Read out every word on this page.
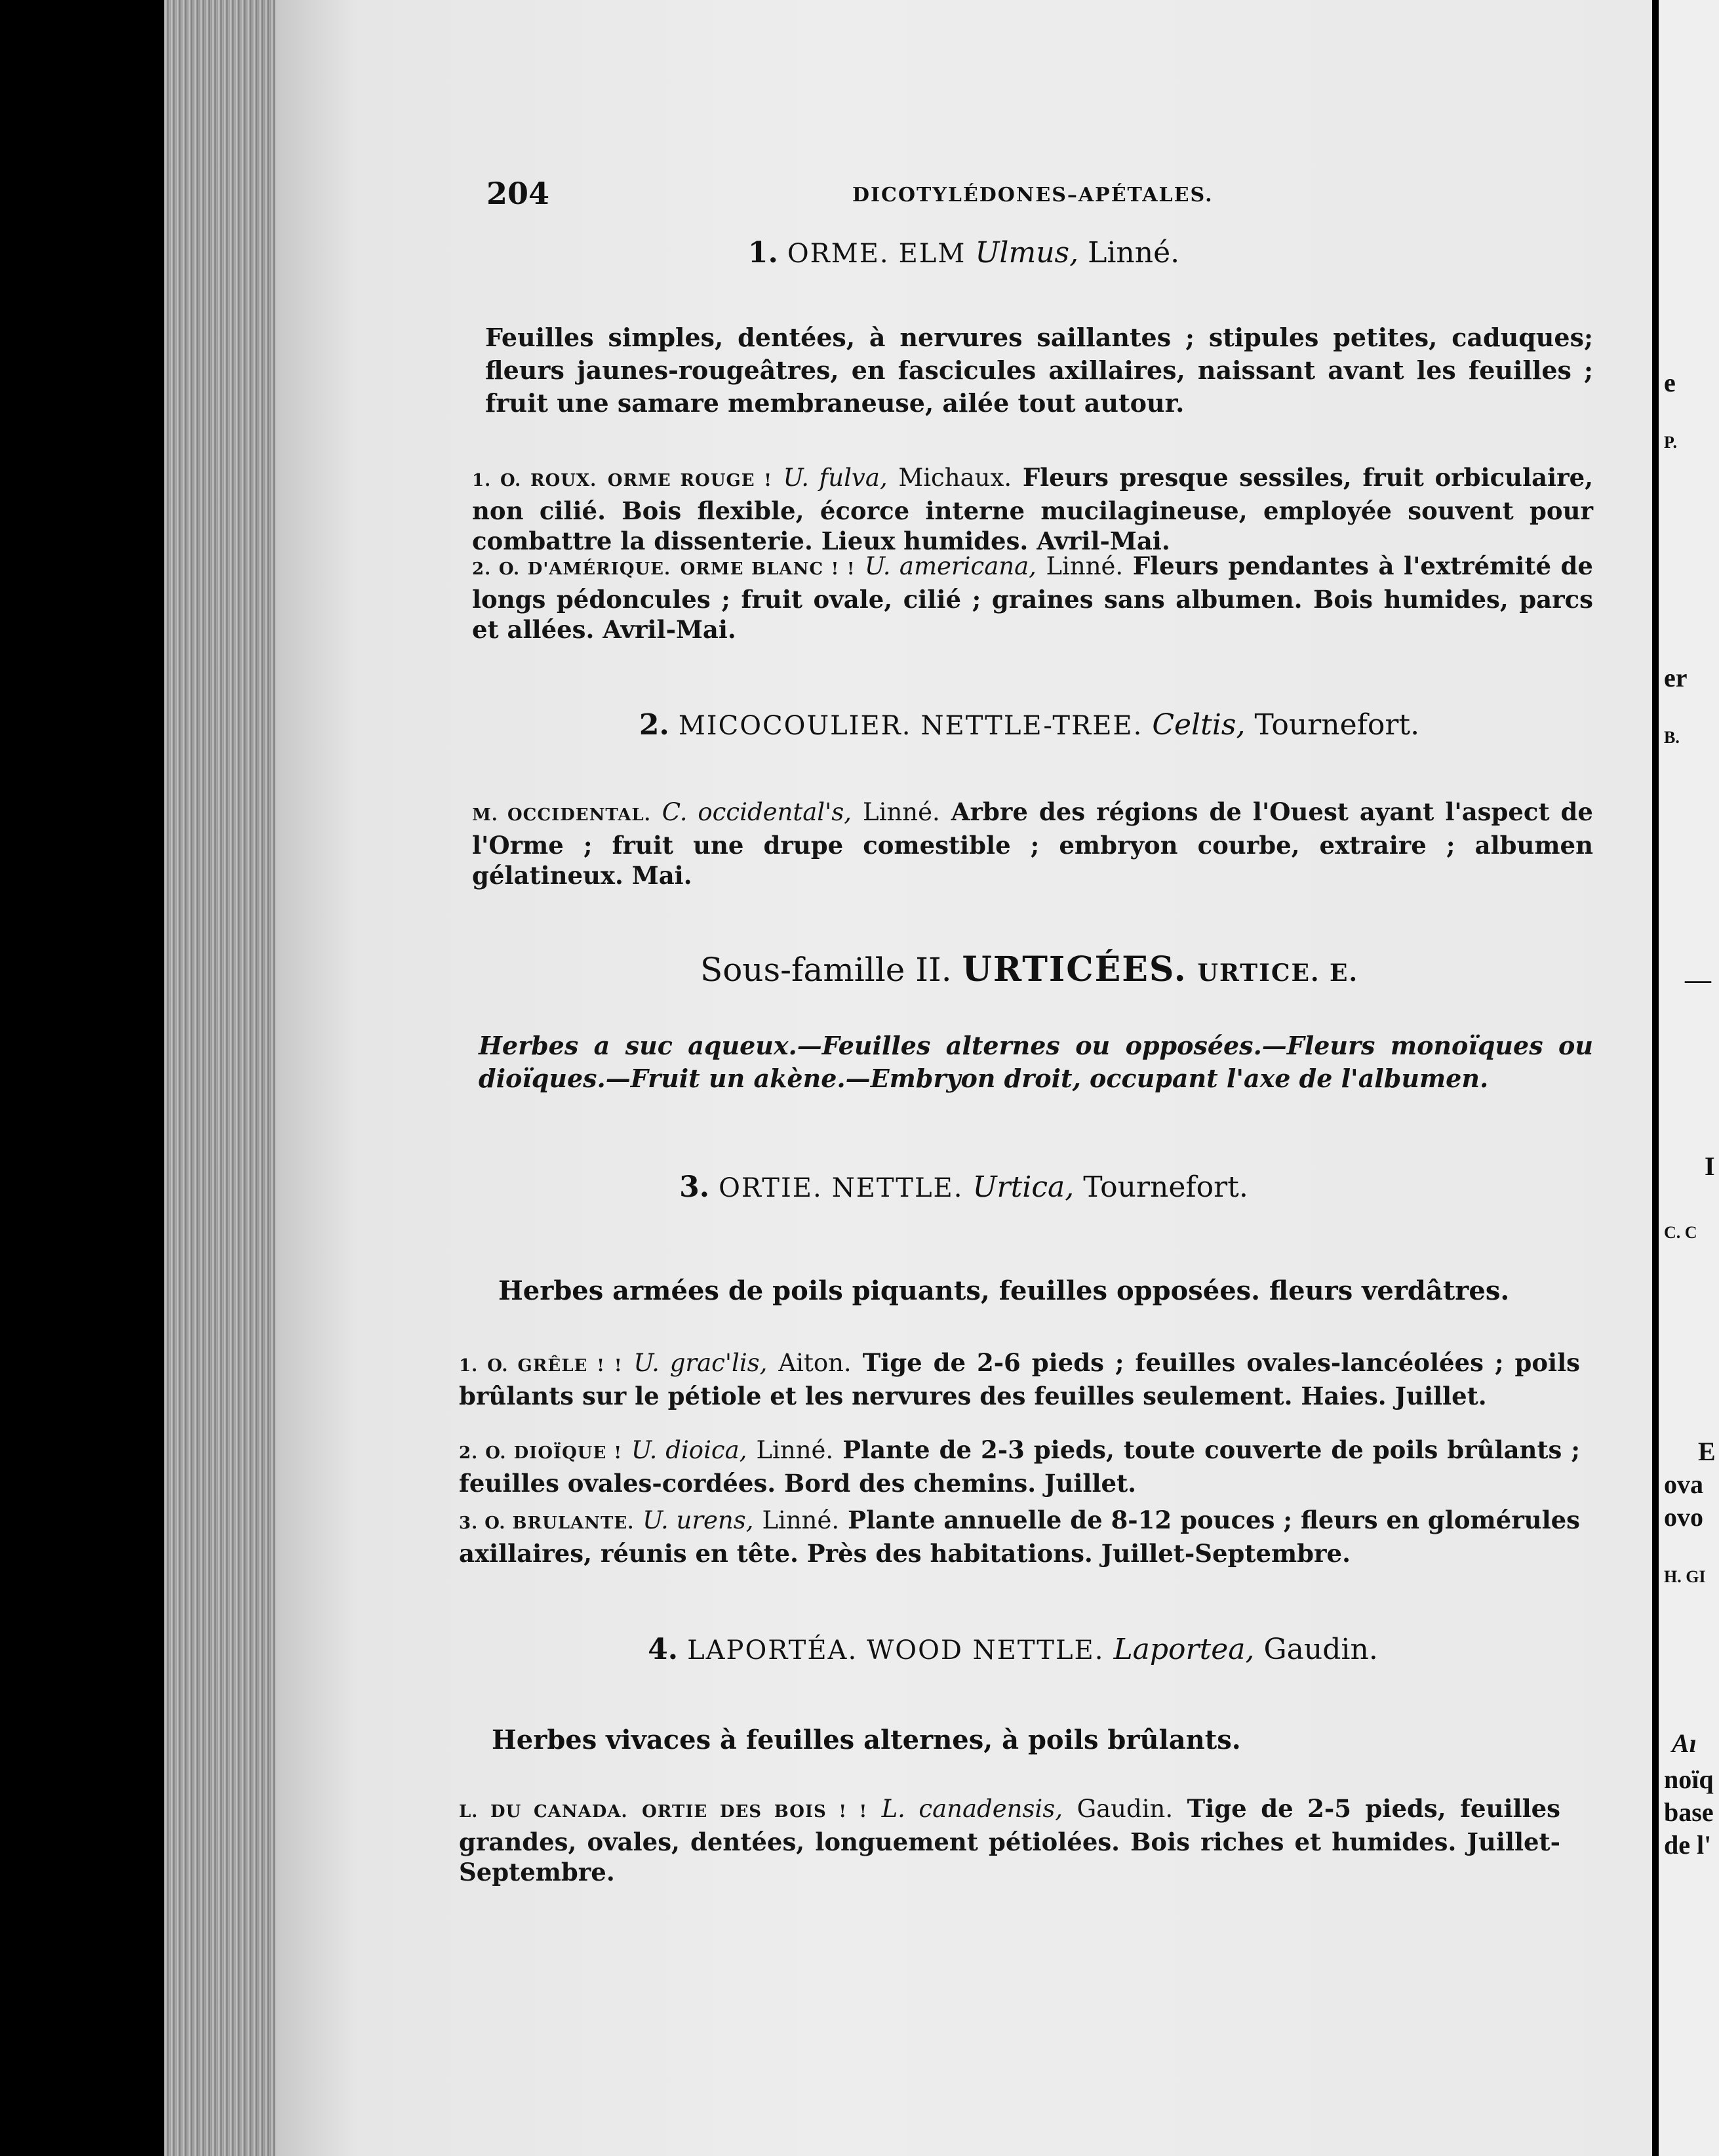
204	DICOTYLÉDONES–APÉTALES.
1. ORME. ELM Ulmus, Linné.
Feuilles simples, dentées, à nervures saillantes ; stipules petites, caduques; fleurs jaunes-rougeâtres, en fascicules axillaires, naissant avant les feuilles ; fruit une samare membraneuse, ailée tout autour.
1. O. ROUX. ORME ROUGE ! U. fulva, Michaux. Fleurs presque sessiles, fruit orbiculaire, non cilié. Bois flexible, écorce interne mucilagineuse, employée souvent pour combattre la dissenterie. Lieux humides. Avril-Mai.
2. O. D'AMÉRIQUE. ORME BLANC ! ! U. americana, Linné. Fleurs pendantes à l'extrémité de longs pédoncules ; fruit ovale, cilié ; graines sans albumen. Bois humides, parcs et allées. Avril-Mai.
2. MICOCOULIER. NETTLE-TREE. Celtis, Tournefort.
M. OCCIDENTAL. C. occidental's, Linné. Arbre des régions de l'Ouest ayant l'aspect de l'Orme ; fruit une drupe comestible ; embryon courbe, extraire ; albumen gélatineux. Mai.
Sous-famille II. URTICÉES. URTICE. E.
Herbes a suc aqueux.—Feuilles alternes ou opposées.—Fleurs monoïques ou dioïques.—Fruit un akène.—Embryon droit, occupant l'axe de l'albumen.
3. ORTIE. NETTLE. Urtica, Tournefort.
Herbes armées de poils piquants, feuilles opposées. fleurs verdâtres.
1. O. GRÊLE ! ! U. grac'lis, Aiton. Tige de 2-6 pieds ; feuilles ovales-lancéolées ; poils brûlants sur le pétiole et les nervures des feuilles seulement. Haies. Juillet.
2. O. DIOÏQUE ! U. dioica, Linné. Plante de 2-3 pieds, toute couverte de poils brûlants ; feuilles ovales-cordées. Bord des chemins. Juillet.
3. O. BRULANTE. U. urens, Linné. Plante annuelle de 8-12 pouces ; fleurs en glomérules axillaires, réunis en tête. Près des habitations. Juillet-Septembre.
4. LAPORTÉA. WOOD NETTLE. Laportea, Gaudin.
Herbes vivaces à feuilles alternes, à poils brûlants.
L. DU CANADA. ORTIE DES BOIS ! ! L. canadensis, Gaudin. Tige de 2-5 pieds, feuilles grandes, ovales, dentées, longuement pétiolées. Bois riches et humides. Juillet-Septembre.
e
P.
er
B.
—
I
C. C
E
ova
ovo
H. GI
Aı
noïq
base
de l'
